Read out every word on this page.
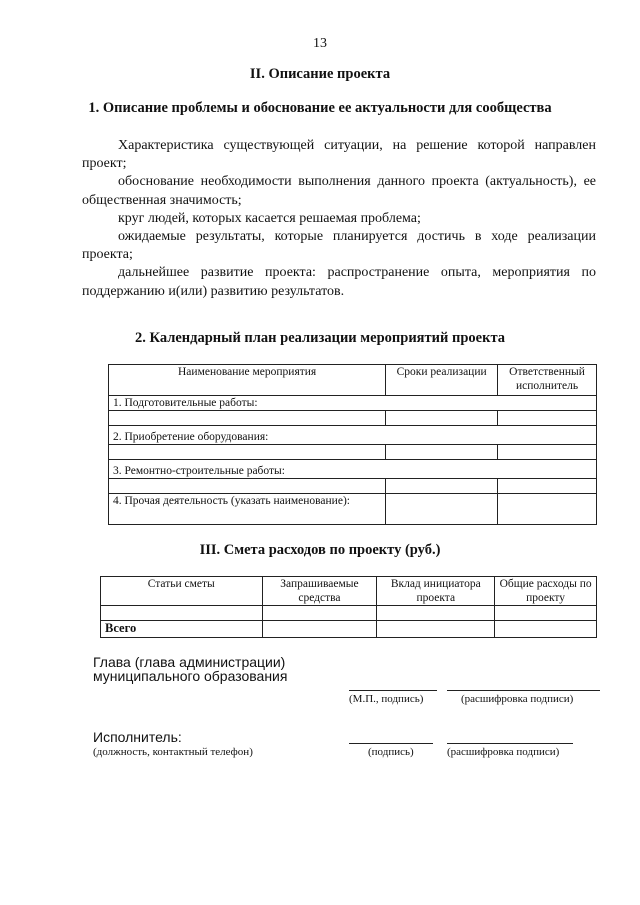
13
II. Описание проекта
1. Описание проблемы и обоснование ее актуальности для сообщества

Характеристика существующей ситуации, на решение которой направлен проект;

обоснование необходимости выполнения данного проекта (актуальность), ее общественная значимость;

круг людей, которых касается решаемая проблема;

ожидаемые результаты, которые планируется достичь в ходе реализации проекта;

дальнейшее развитие проекта: распространение опыта, мероприятия по поддержанию и(или) развитию результатов.

2. Календарный план реализации мероприятий проекта
Наименование мероприятия	Сроки реализации	Ответственный исполнитель
1. Подготовительные работы:		

2. Приобретение оборудования:		

3. Ремонтно-строительные работы:		

4. Прочая деятельность (указать наименование):		
III. Смета расходов по проекту (руб.)
Статьи сметы	Запрашиваемые средства	Вклад инициатора проекта	Общие расходы по проекту

Всего			
Глава (глава администрации)
муниципального образования
(М.П., подпись)	(расшифровка подписи)
Исполнитель:
(должность, контактный телефон)	(подпись)	(расшифровка подписи)
